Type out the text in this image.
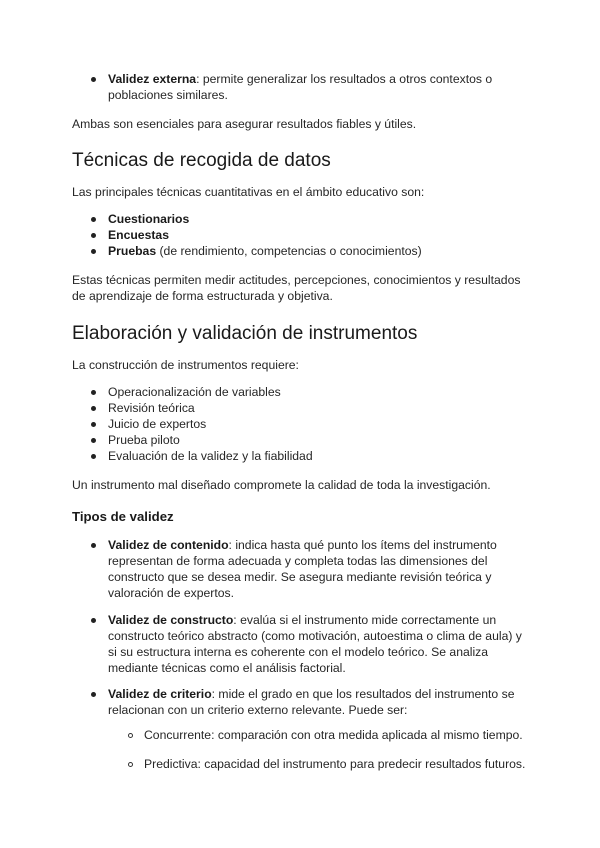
Validez externa: permite generalizar los resultados a otros contextos o
poblaciones similares.
Ambas son esenciales para asegurar resultados fiables y útiles.
Técnicas de recogida de datos
Las principales técnicas cuantitativas en el ámbito educativo son:
Cuestionarios
Encuestas
Pruebas (de rendimiento, competencias o conocimientos)
Estas técnicas permiten medir actitudes, percepciones, conocimientos y resultados
de aprendizaje de forma estructurada y objetiva.
Elaboración y validación de instrumentos
La construcción de instrumentos requiere:
Operacionalización de variables
Revisión teórica
Juicio de expertos
Prueba piloto
Evaluación de la validez y la fiabilidad
Un instrumento mal diseñado compromete la calidad de toda la investigación.
Tipos de validez
Validez de contenido: indica hasta qué punto los ítems del instrumento
representan de forma adecuada y completa todas las dimensiones del
constructo que se desea medir. Se asegura mediante revisión teórica y
valoración de expertos.
Validez de constructo: evalúa si el instrumento mide correctamente un
constructo teórico abstracto (como motivación, autoestima o clima de aula) y
si su estructura interna es coherente con el modelo teórico. Se analiza
mediante técnicas como el análisis factorial.
Validez de criterio: mide el grado en que los resultados del instrumento se
relacionan con un criterio externo relevante. Puede ser:
Concurrente: comparación con otra medida aplicada al mismo tiempo.
Predictiva: capacidad del instrumento para predecir resultados futuros.
